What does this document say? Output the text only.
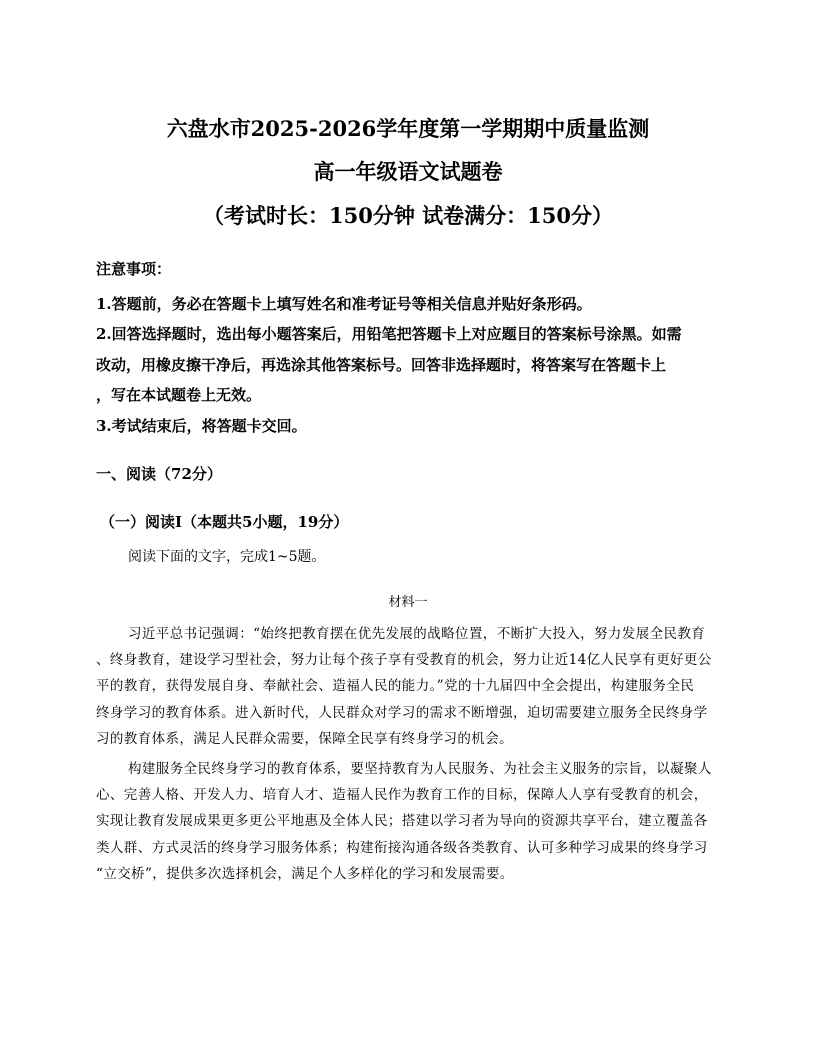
六盘水市2025-2026学年度第一学期期中质量监测
高一年级语文试题卷
（考试时长：150分钟 试卷满分：150分）
注意事项：
1.答题前，务必在答题卡上填写姓名和准考证号等相关信息并贴好条形码。
2.回答选择题时，选出每小题答案后，用铅笔把答题卡上对应题目的答案标号涂黑。如需
改动，用橡皮擦干净后，再选涂其他答案标号。回答非选择题时，将答案写在答题卡上
，写在本试题卷上无效。
3.考试结束后，将答题卡交回。
一、阅读（72分）
（一）阅读Ⅰ（本题共5小题，19分）
阅读下面的文字，完成1~5题。
材料一
习近平总书记强调：“始终把教育摆在优先发展的战略位置，不断扩大投入，努力发展全民教育
、终身教育，建设学习型社会，努力让每个孩子享有受教育的机会，努力让近14亿人民享有更好更公
平的教育，获得发展自身、奉献社会、造福人民的能力。”党的十九届四中全会提出，构建服务全民
终身学习的教育体系。进入新时代，人民群众对学习的需求不断增强，迫切需要建立服务全民终身学
习的教育体系，满足人民群众需要，保障全民享有终身学习的机会。
构建服务全民终身学习的教育体系，要坚持教育为人民服务、为社会主义服务的宗旨，以凝聚人
心、完善人格、开发人力、培育人才、造福人民作为教育工作的目标，保障人人享有受教育的机会，
实现让教育发展成果更多更公平地惠及全体人民；搭建以学习者为导向的资源共享平台，建立覆盖各
类人群、方式灵活的终身学习服务体系；构建衔接沟通各级各类教育、认可多种学习成果的终身学习
“立交桥”，提供多次选择机会，满足个人多样化的学习和发展需要。
